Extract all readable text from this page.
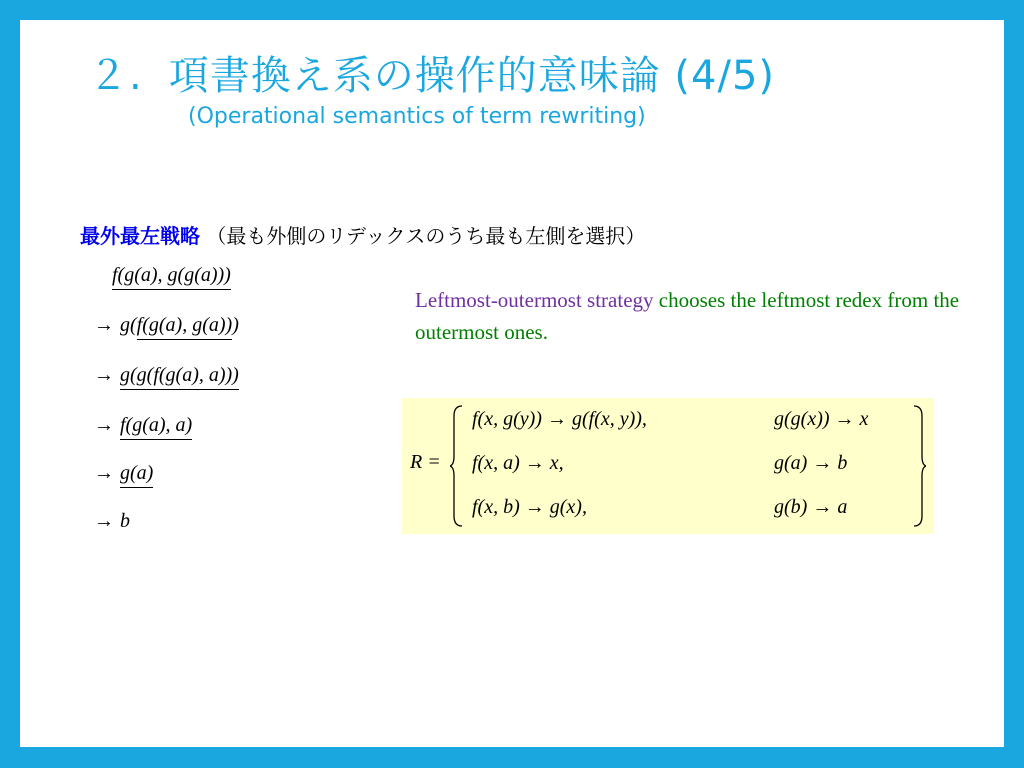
２. 項書換え系の操作的意味論 (4/5)
(Operational semantics of term rewriting)
最外最左戦略 （最も外側のリデックスのうち最も左側を選択）
f(g(a), g(g(a)))
→ g(f(g(a), g(a)))
→ g(g(f(g(a), a)))
→ f(g(a), a)
→ g(a)
→ b
Leftmost-outermost strategy chooses the leftmost redex from the outermost ones.
R =
f(x, g(y)) → g(f(x, y)),	g(g(x)) → x
f(x, a) → x,	g(a) → b
f(x, b) → g(x),	g(b) → a
